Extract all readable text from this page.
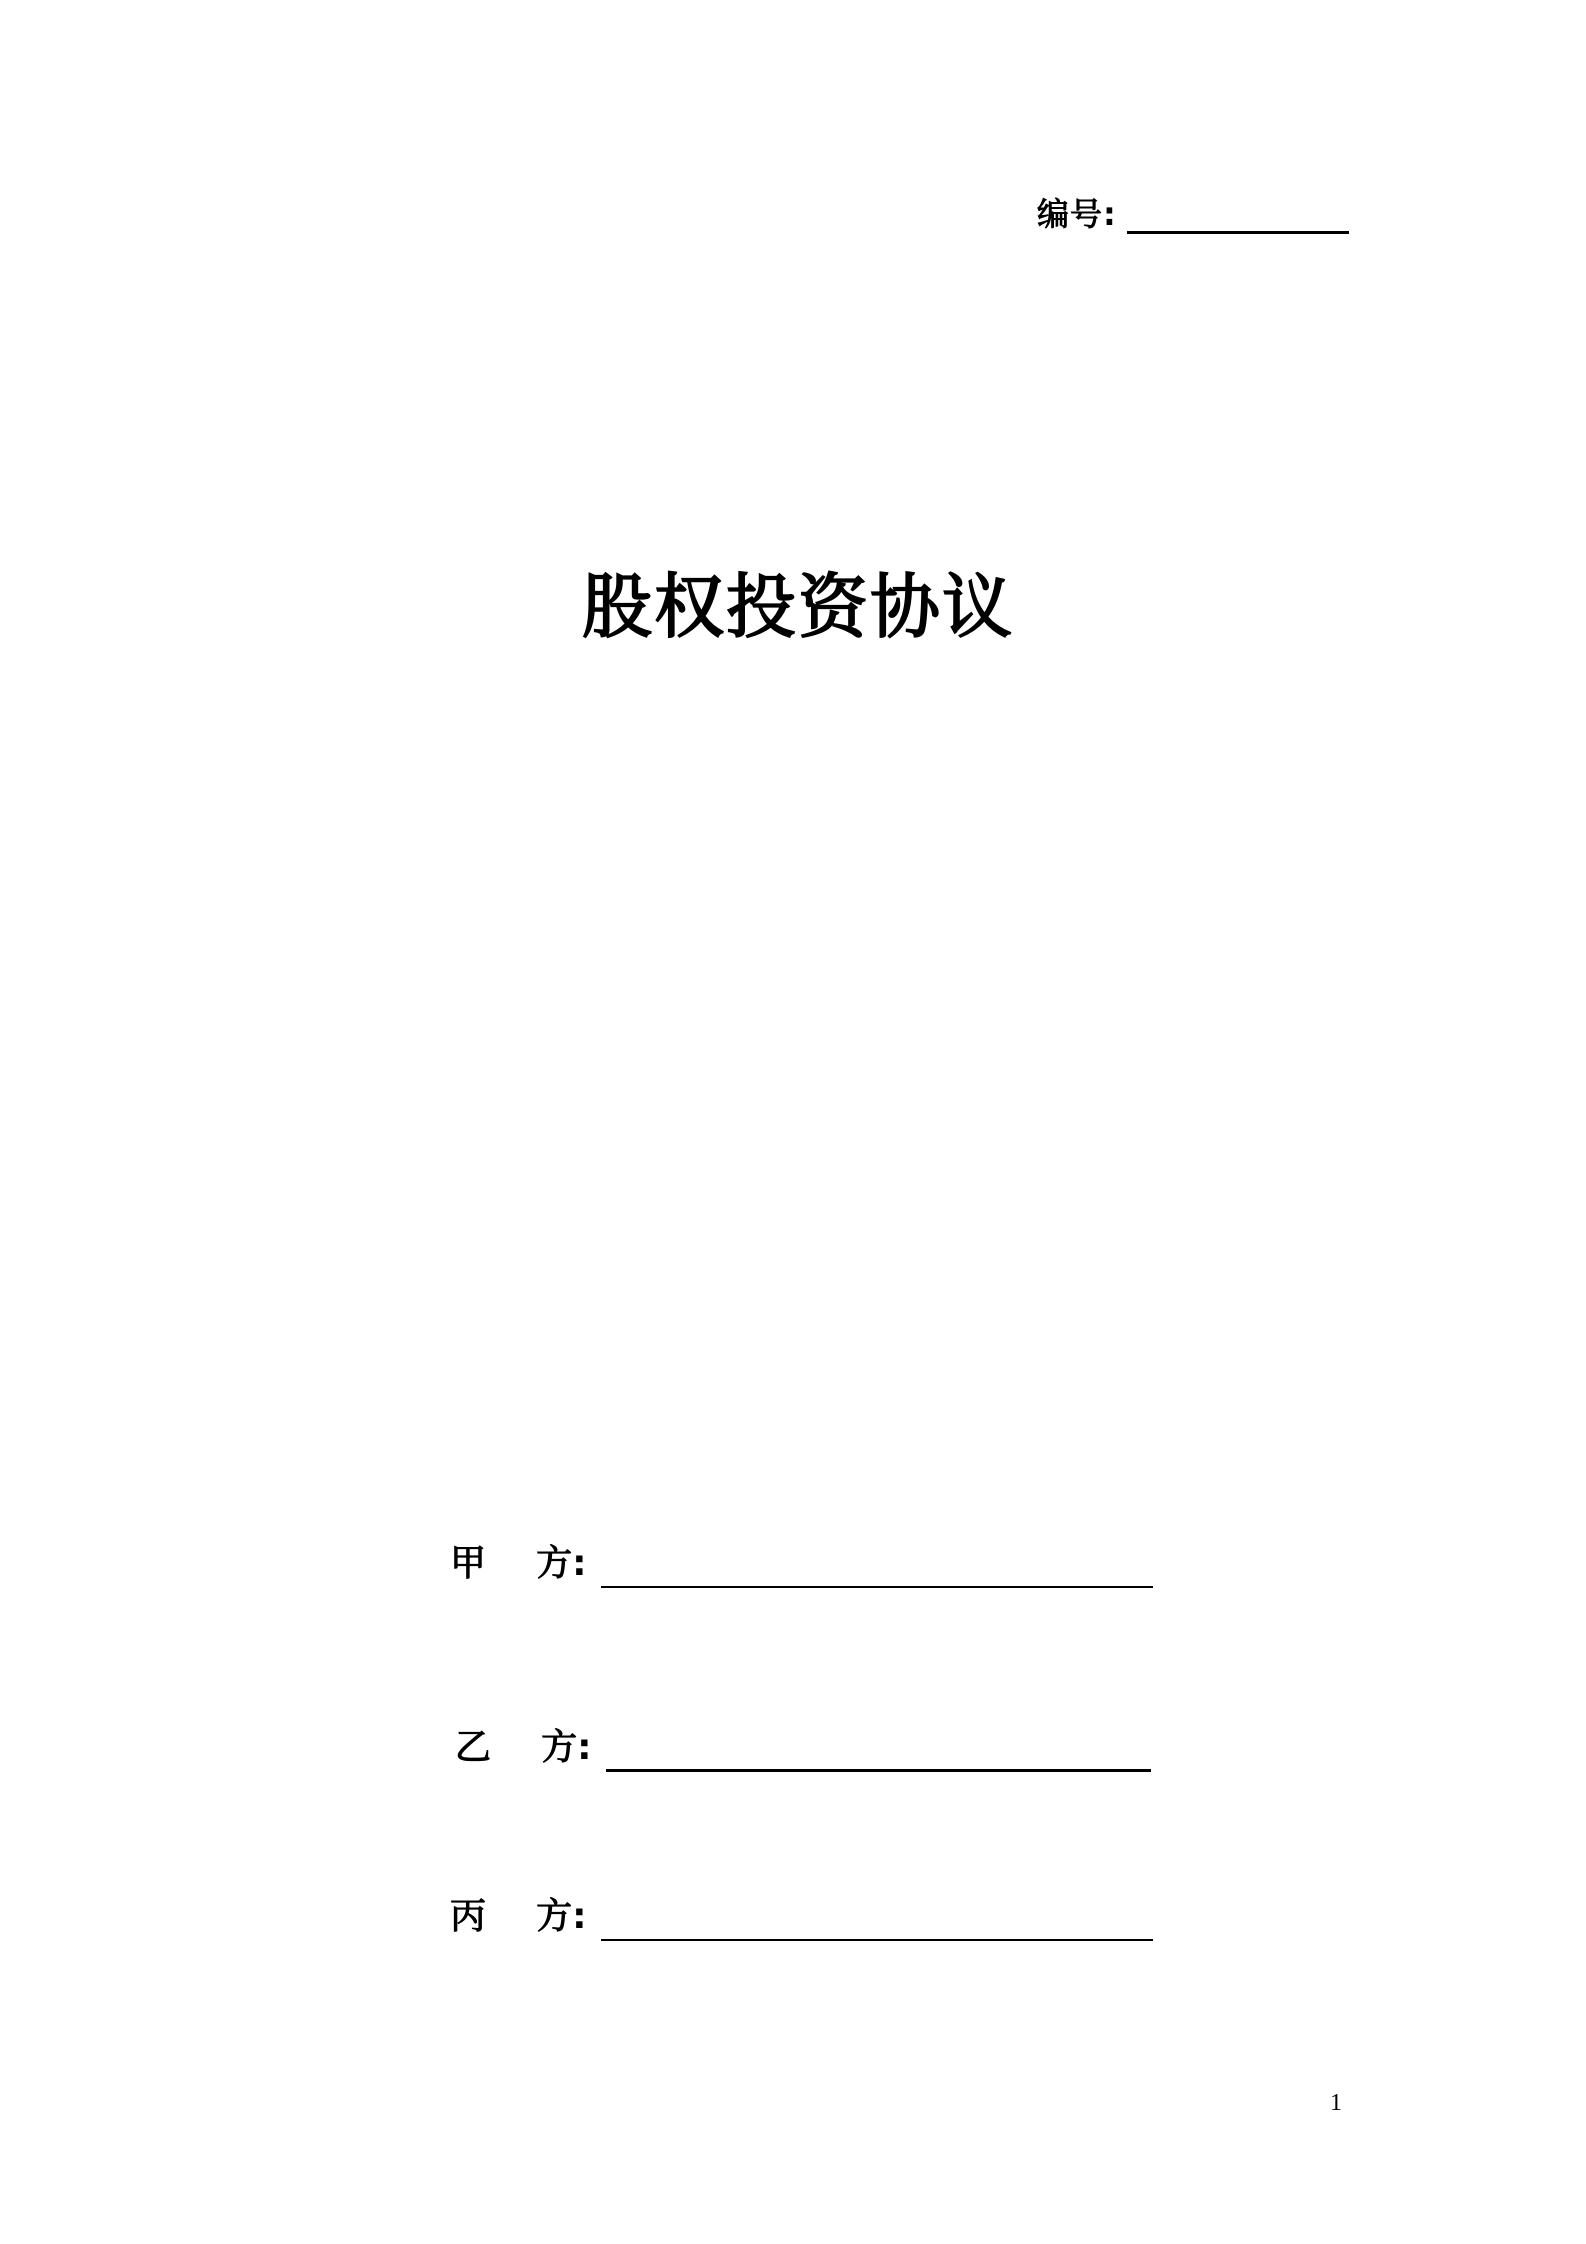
编号:
股权投资协议
甲    方:
乙    方:
丙    方:
1
